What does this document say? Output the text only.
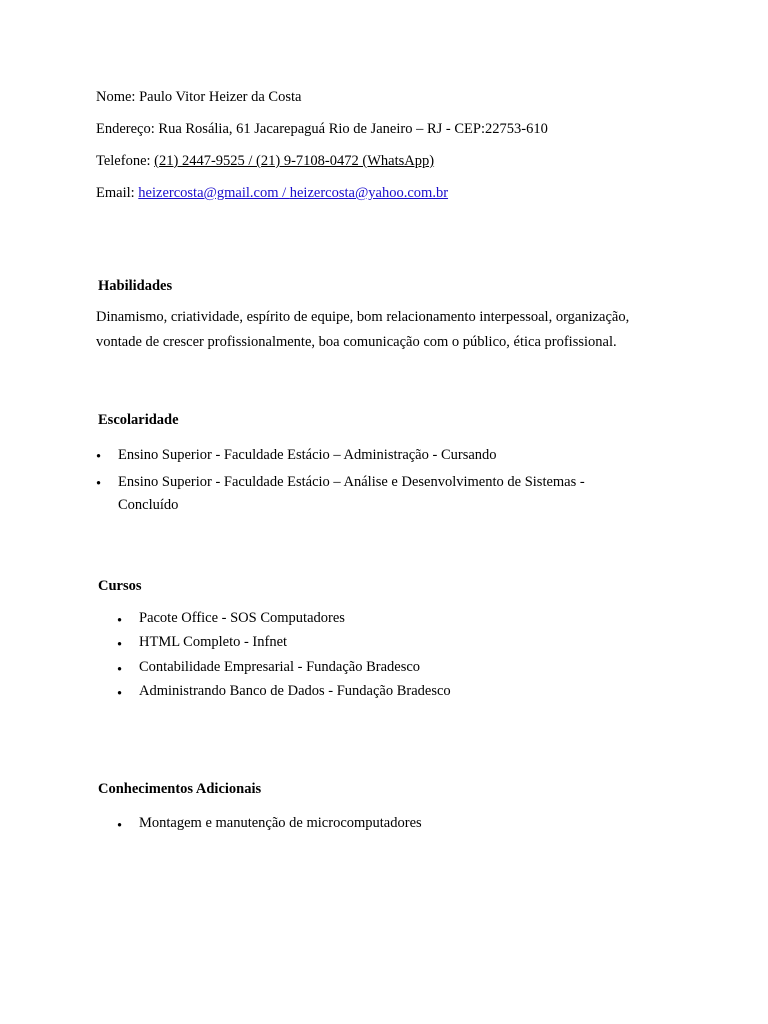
Nome: Paulo Vitor Heizer da Costa
Endereço: Rua Rosália, 61 Jacarepaguá Rio de Janeiro – RJ - CEP:22753-610
Telefone: (21) 2447-9525 / (21) 9-7108-0472 (WhatsApp)
Email: heizercosta@gmail.com / heizercosta@yahoo.com.br
Habilidades
Dinamismo, criatividade, espírito de equipe, bom relacionamento interpessoal, organização,
vontade de crescer profissionalmente, boa comunicação com o público, ética profissional.
Escolaridade
• Ensino Superior - Faculdade Estácio – Administração - Cursando
• Ensino Superior - Faculdade Estácio – Análise e Desenvolvimento de Sistemas -
Concluído
Cursos
• Pacote Office - SOS Computadores
• HTML Completo - Infnet
• Contabilidade Empresarial - Fundação Bradesco
• Administrando Banco de Dados - Fundação Bradesco
Conhecimentos Adicionais
• Montagem e manutenção de microcomputadores
